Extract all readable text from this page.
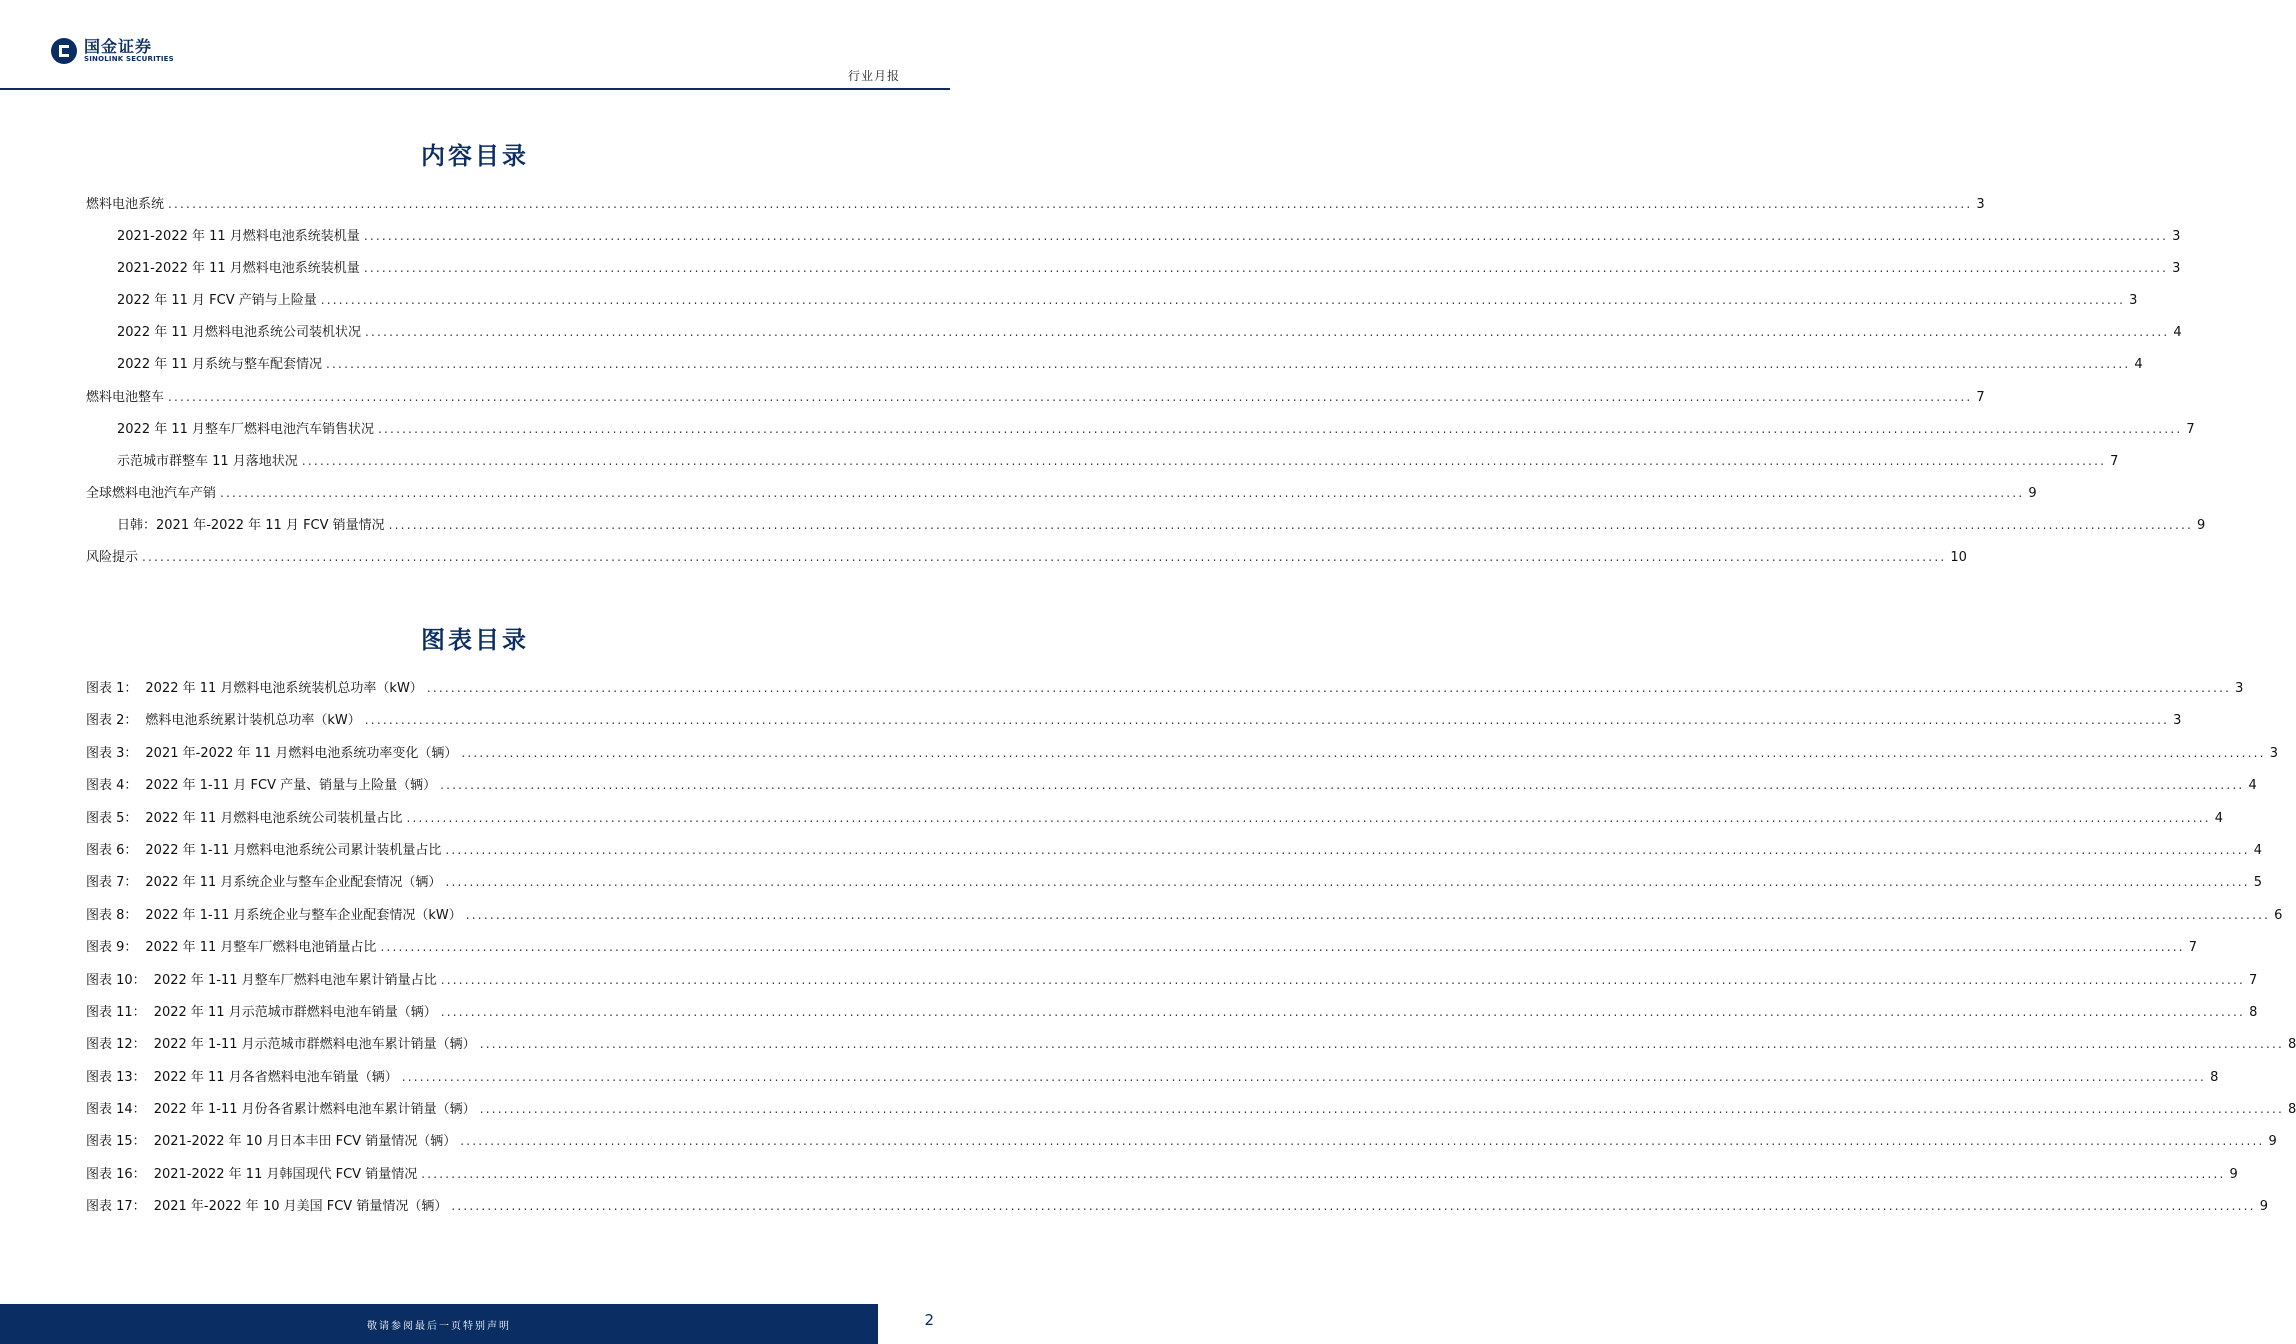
国金证券
SINOLINK SECURITIES
行业月报
内容目录
燃料电池系统 ............................................................................................................................................................................................................................................................................................................ 3
2021-2022 年 11 月燃料电池系统装机量 ............................................................................................................................................................................................................................................................................................................ 3
2021-2022 年 11 月燃料电池系统装机量 ............................................................................................................................................................................................................................................................................................................ 3
2022 年 11 月 FCV 产销与上险量 ............................................................................................................................................................................................................................................................................................................ 3
2022 年 11 月燃料电池系统公司装机状况 ............................................................................................................................................................................................................................................................................................................ 4
2022 年 11 月系统与整车配套情况 ............................................................................................................................................................................................................................................................................................................ 4
燃料电池整车 ............................................................................................................................................................................................................................................................................................................ 7
2022 年 11 月整车厂燃料电池汽车销售状况 ............................................................................................................................................................................................................................................................................................................ 7
示范城市群整车 11 月落地状况 ............................................................................................................................................................................................................................................................................................................ 7
全球燃料电池汽车产销 ............................................................................................................................................................................................................................................................................................................ 9
日韩：2021 年-2022 年 11 月 FCV 销量情况 ............................................................................................................................................................................................................................................................................................................ 9
风险提示 ............................................................................................................................................................................................................................................................................................................ 10
图表目录
图表 1： 2022 年 11 月燃料电池系统装机总功率（kW） ............................................................................................................................................................................................................................................................................................................ 3
图表 2： 燃料电池系统累计装机总功率（kW） ............................................................................................................................................................................................................................................................................................................ 3
图表 3： 2021 年-2022 年 11 月燃料电池系统功率变化（辆） ............................................................................................................................................................................................................................................................................................................ 3
图表 4： 2022 年 1-11 月 FCV 产量、销量与上险量（辆） ............................................................................................................................................................................................................................................................................................................ 4
图表 5： 2022 年 11 月燃料电池系统公司装机量占比 ............................................................................................................................................................................................................................................................................................................ 4
图表 6： 2022 年 1-11 月燃料电池系统公司累计装机量占比 ............................................................................................................................................................................................................................................................................................................ 4
图表 7： 2022 年 11 月系统企业与整车企业配套情况（辆） ............................................................................................................................................................................................................................................................................................................ 5
图表 8： 2022 年 1-11 月系统企业与整车企业配套情况（kW） ............................................................................................................................................................................................................................................................................................................ 6
图表 9： 2022 年 11 月整车厂燃料电池销量占比 ............................................................................................................................................................................................................................................................................................................ 7
图表 10： 2022 年 1-11 月整车厂燃料电池车累计销量占比 ............................................................................................................................................................................................................................................................................................................ 7
图表 11： 2022 年 11 月示范城市群燃料电池车销量（辆） ............................................................................................................................................................................................................................................................................................................ 8
图表 12： 2022 年 1-11 月示范城市群燃料电池车累计销量（辆） ............................................................................................................................................................................................................................................................................................................ 8
图表 13： 2022 年 11 月各省燃料电池车销量（辆） ............................................................................................................................................................................................................................................................................................................ 8
图表 14： 2022 年 1-11 月份各省累计燃料电池车累计销量（辆） ............................................................................................................................................................................................................................................................................................................ 8
图表 15： 2021-2022 年 10 月日本丰田 FCV 销量情况（辆） ............................................................................................................................................................................................................................................................................................................ 9
图表 16： 2021-2022 年 11 月韩国现代 FCV 销量情况 ............................................................................................................................................................................................................................................................................................................ 9
图表 17： 2021 年-2022 年 10 月美国 FCV 销量情况（辆） ............................................................................................................................................................................................................................................................................................................ 9
敬请参阅最后一页特别声明	2
